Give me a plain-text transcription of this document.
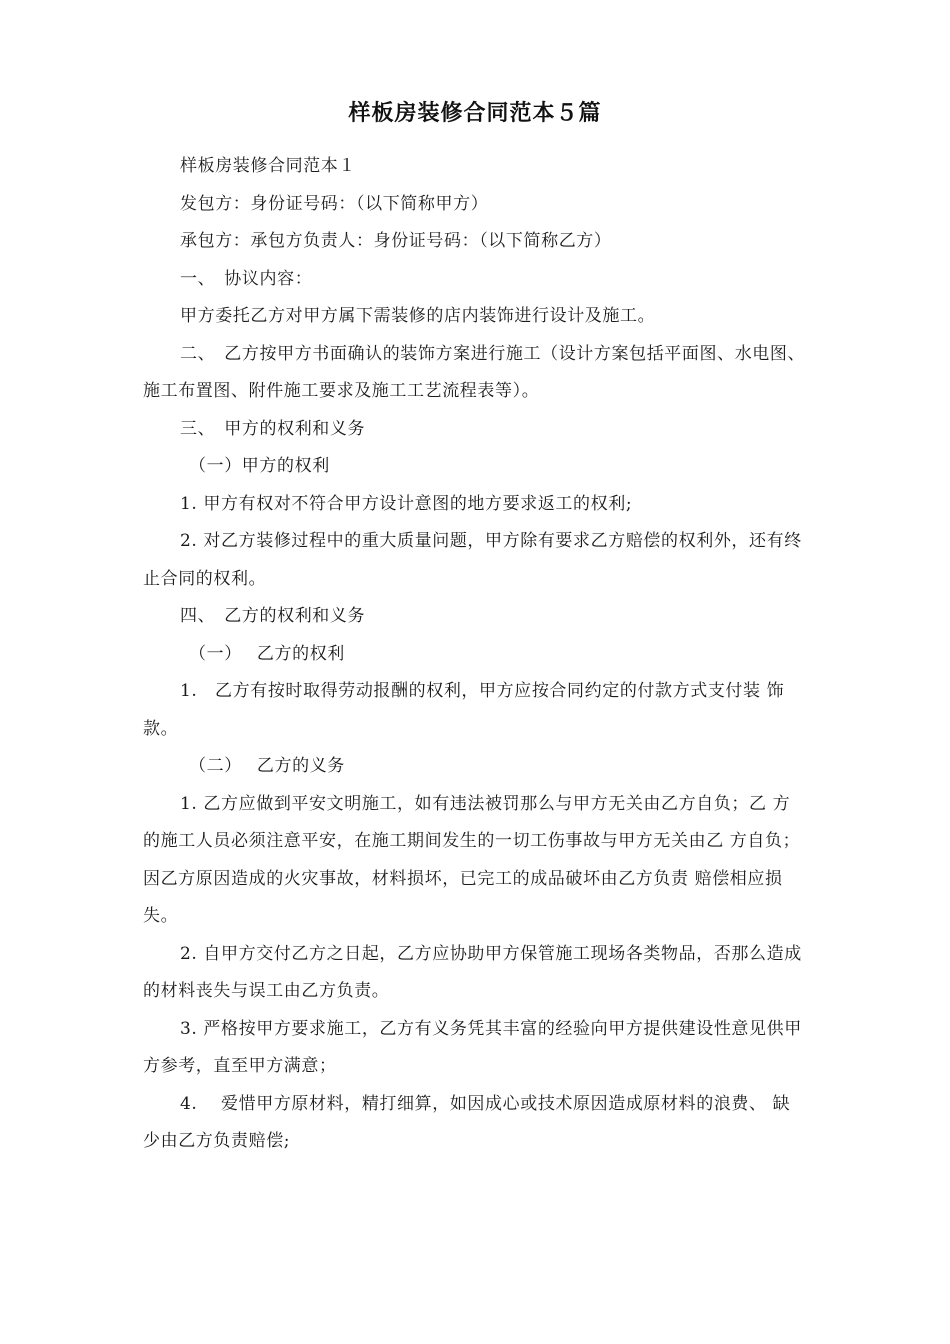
样板房装修合同范本５篇

样板房装修合同范本１

发包方：身份证号码：（以下简称甲方）

承包方：承包方负责人：身份证号码：（以下简称乙方）

一、　协议内容：

甲方委托乙方对甲方属下需装修的店内装饰进行设计及施工。

二、　乙方按甲方书面确认的装饰方案进行施工（设计方案包括平面图、水电图、施工布置图、附件施工要求及施工工艺流程表等）。

三、　甲方的权利和义务

（一）甲方的权利

1. 甲方有权对不符合甲方设计意图的地方要求返工的权利;

2. 对乙方装修过程中的重大质量问题，甲方除有要求乙方赔偿的权利外，还有终止合同的权利。

四、　乙方的权利和义务

（一）　 乙方的权利

1.　乙方有按时取得劳动报酬的权利，甲方应按合同约定的付款方式支付装 饰款。

（二）　 乙方的义务

1. 乙方应做到平安文明施工，如有违法被罚那么与甲方无关由乙方自负；乙 方的施工人员必须注意平安，在施工期间发生的一切工伤事故与甲方无关由乙 方自负；因乙方原因造成的火灾事故，材料损坏，已完工的成品破坏由乙方负责 赔偿相应损失。

2. 自甲方交付乙方之日起，乙方应协助甲方保管施工现场各类物品，否那么造成的材料丧失与误工由乙方负责。

3. 严格按甲方要求施工，乙方有义务凭其丰富的经验向甲方提供建设性意见供甲方参考，直至甲方满意；

4.　 爱惜甲方原材料，精打细算，如因成心或技术原因造成原材料的浪费、 缺少由乙方负责赔偿;
